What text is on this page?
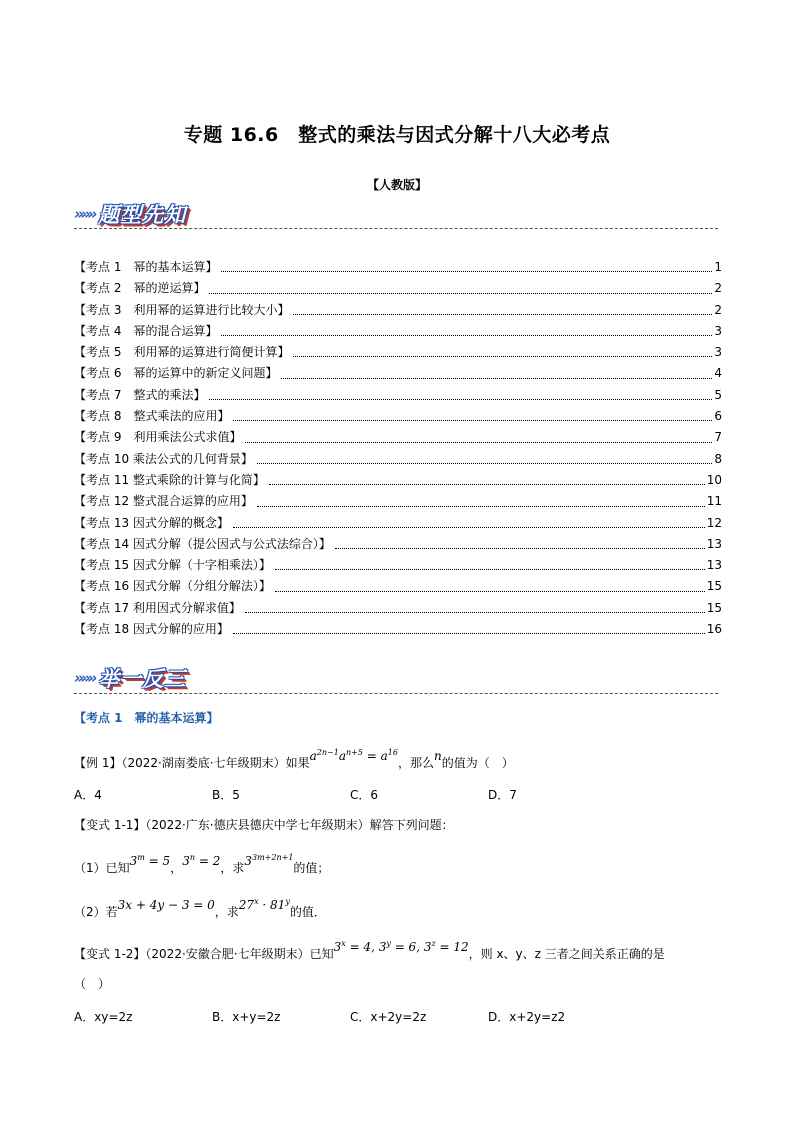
专题 16.6　整式的乘法与因式分解十八大必考点
【人教版】
»»» 题型先知
【考点 1　幂的基本运算】	1
【考点 2　幂的逆运算】	2
【考点 3　利用幂的运算进行比较大小】	2
【考点 4　幂的混合运算】	3
【考点 5　利用幂的运算进行简便计算】	3
【考点 6　幂的运算中的新定义问题】	4
【考点 7　整式的乘法】	5
【考点 8　整式乘法的应用】	6
【考点 9　利用乘法公式求值】	7
【考点 10 乘法公式的几何背景】	8
【考点 11 整式乘除的计算与化简】	10
【考点 12 整式混合运算的应用】	11
【考点 13 因式分解的概念】	12
【考点 14 因式分解（提公因式与公式法综合）】	13
【考点 15 因式分解（十字相乘法）】	13
【考点 16 因式分解（分组分解法）】	15
【考点 17 利用因式分解求值】	15
【考点 18 因式分解的应用】	16
»»» 举一反三
【考点 1　幂的基本运算】
【例 1】（2022·湖南娄底·七年级期末）如果$a^{2n-1}a^{n+5} = a^{16}$，那么n的值为（　）
A．4	B．5	C．6	D．7
【变式 1-1】（2022·广东·德庆县德庆中学七年级期末）解答下列问题：
（1）已知$3^m = 5$，$3^n = 2$，求$3^{3m+2n+1}$的值；
（2）若3x + 4y − 3 = 0，求$27^x \cdot 81^y$的值．
【变式 1-2】（2022·安徽合肥·七年级期末）已知$3^x = 4$, $3^y = 6$, $3^z = 12$，则 x、y、z 三者之间关系正确的是
（　）
A．xy=2z	B．x+y=2z	C．x+2y=2z	D．x+2y=z2
